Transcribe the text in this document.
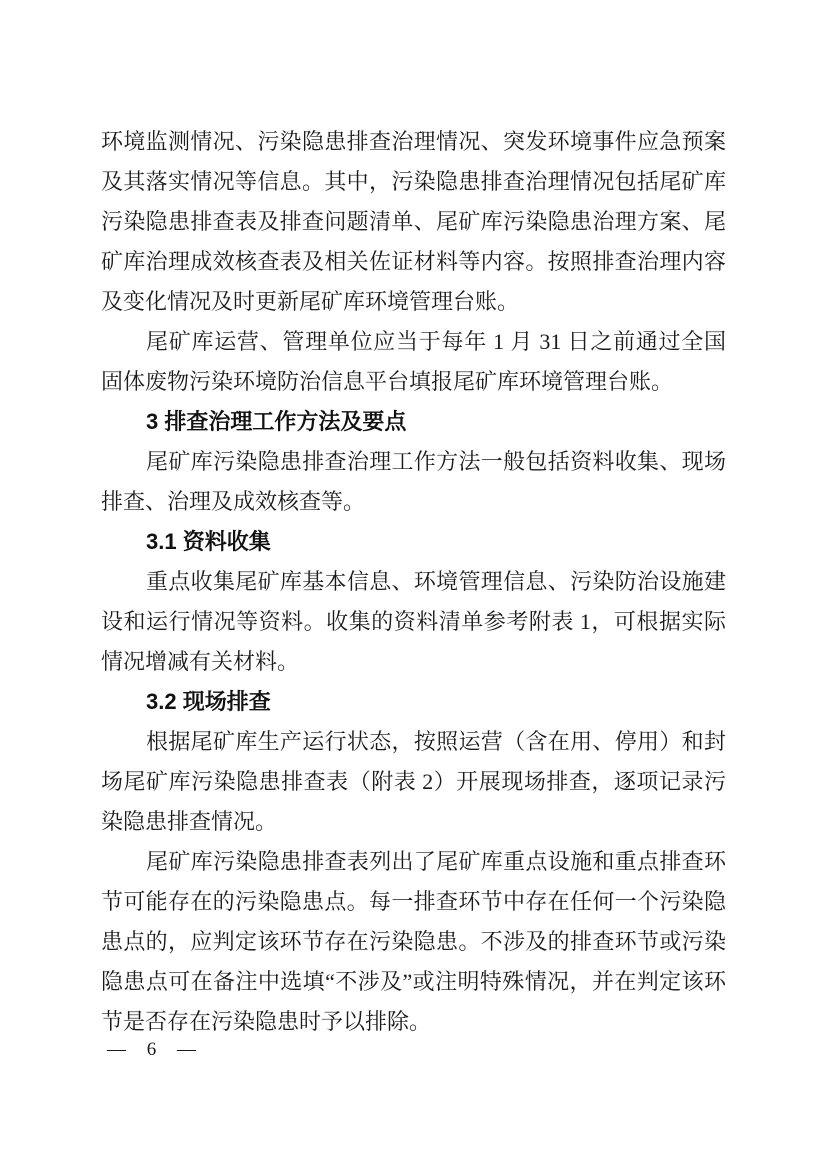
环境监测情况、污染隐患排查治理情况、突发环境事件应急预案及其落实情况等信息。其中，污染隐患排查治理情况包括尾矿库污染隐患排查表及排查问题清单、尾矿库污染隐患治理方案、尾矿库治理成效核查表及相关佐证材料等内容。按照排查治理内容及变化情况及时更新尾矿库环境管理台账。

尾矿库运营、管理单位应当于每年 1 月 31 日之前通过全国固体废物污染环境防治信息平台填报尾矿库环境管理台账。

3 排查治理工作方法及要点

尾矿库污染隐患排查治理工作方法一般包括资料收集、现场排查、治理及成效核查等。

3.1 资料收集

重点收集尾矿库基本信息、环境管理信息、污染防治设施建设和运行情况等资料。收集的资料清单参考附表 1，可根据实际情况增减有关材料。

3.2 现场排查

根据尾矿库生产运行状态，按照运营（含在用、停用）和封场尾矿库污染隐患排查表（附表 2）开展现场排查，逐项记录污染隐患排查情况。

尾矿库污染隐患排查表列出了尾矿库重点设施和重点排查环节可能存在的污染隐患点。每一排查环节中存在任何一个污染隐患点的，应判定该环节存在污染隐患。不涉及的排查环节或污染隐患点可在备注中选填“不涉及”或注明特殊情况，并在判定该环节是否存在污染隐患时予以排除。

— 6 —
